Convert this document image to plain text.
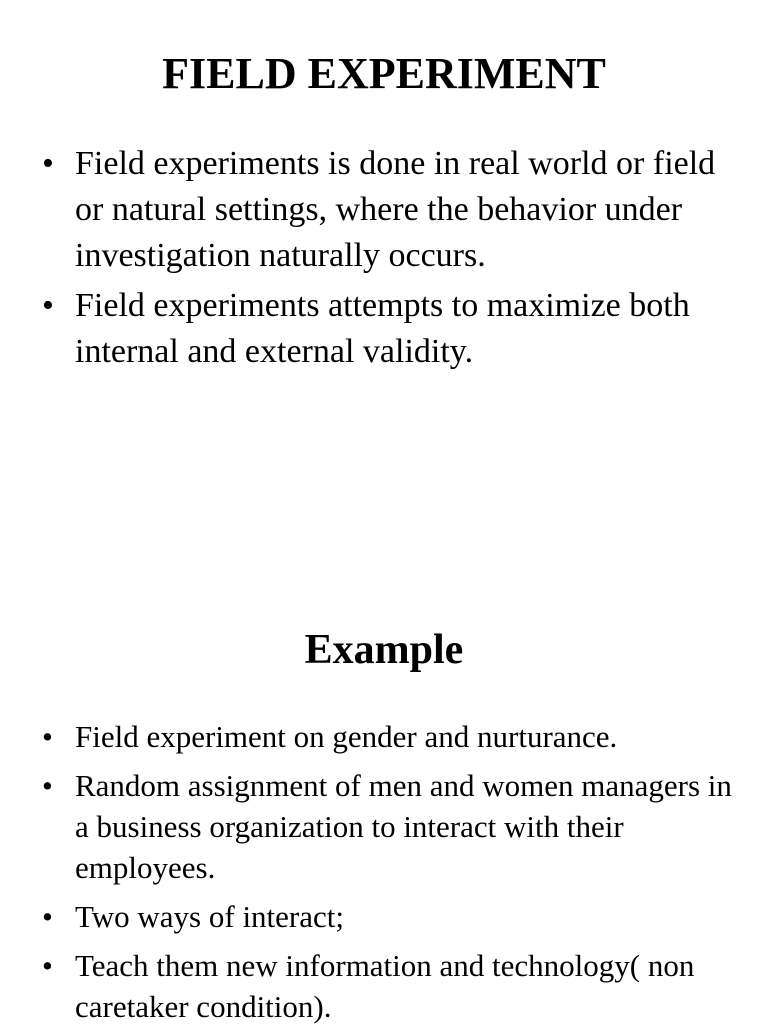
FIELD EXPERIMENT
• Field experiments is done in real world or field or natural settings, where the behavior under investigation naturally occurs.
• Field experiments attempts to maximize both internal and external validity.
Example
• Field experiment on gender and nurturance.
• Random assignment of men and women managers in a business organization to interact with their employees.
• Two ways of interact;
• Teach them new information and technology( non caretaker condition).
